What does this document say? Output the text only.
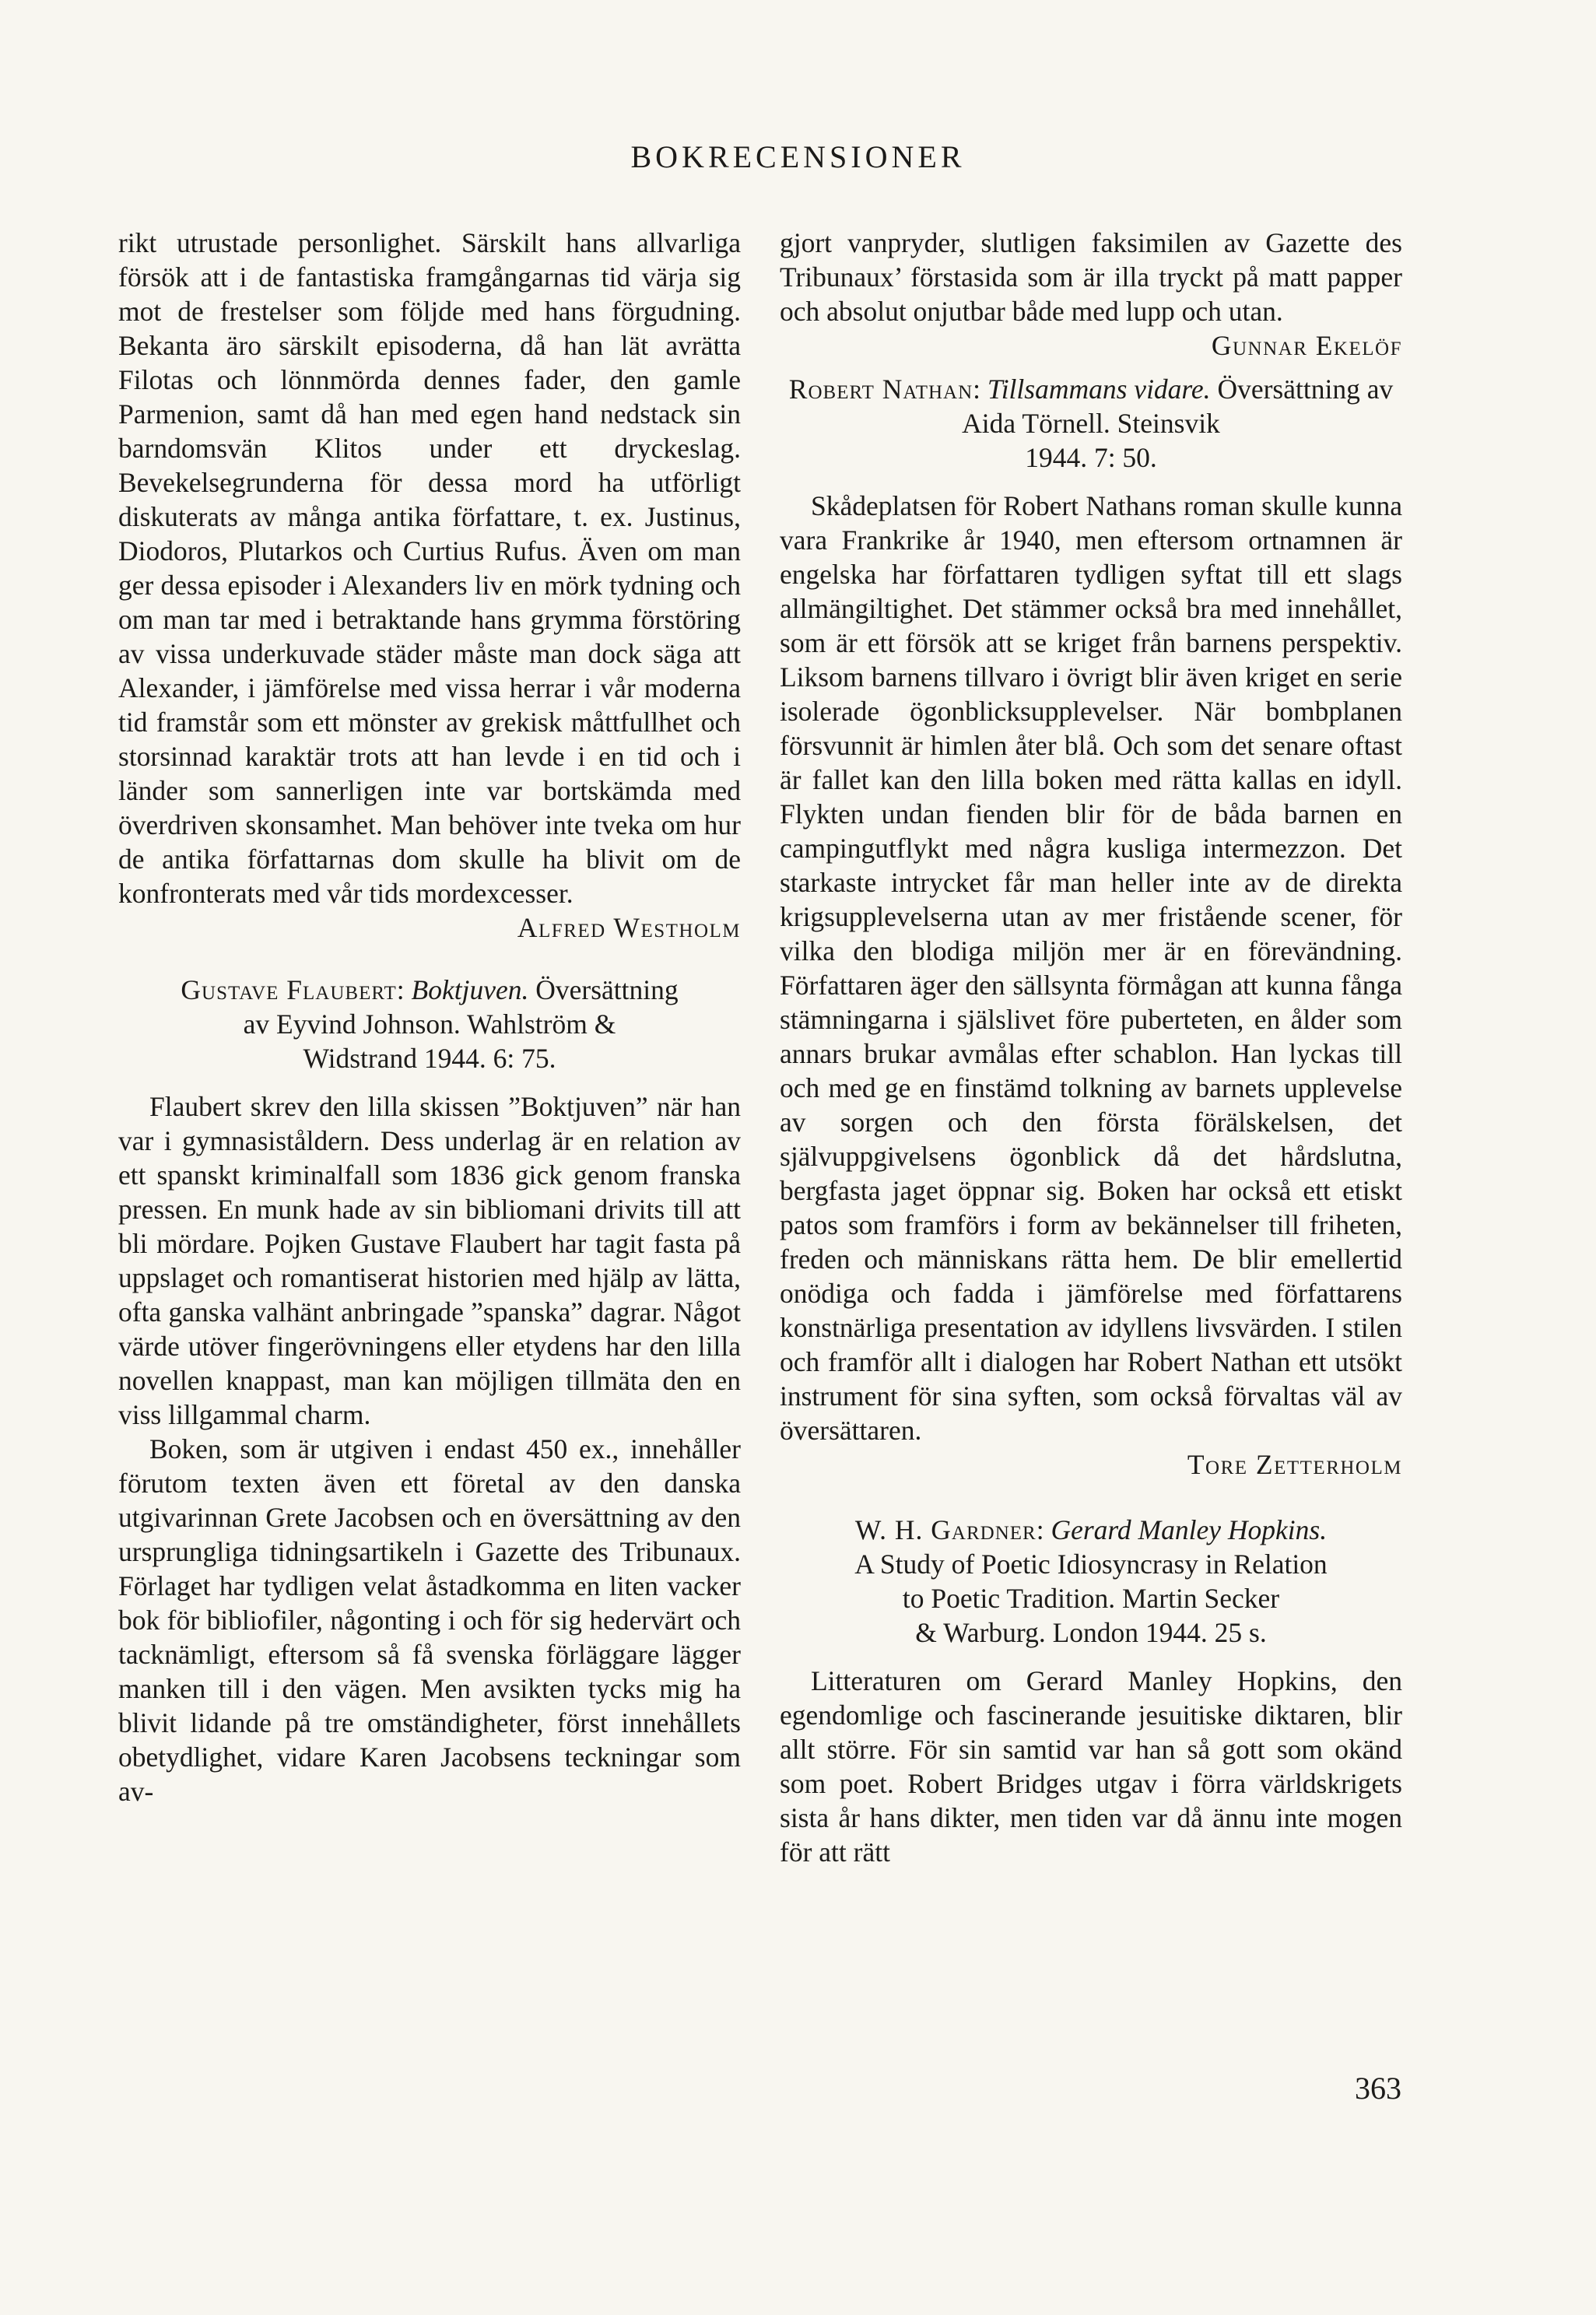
BOKRECENSIONER

rikt utrustade personlighet. Särskilt hans allvarliga försök att i de fantastiska framgångarnas tid värja sig mot de frestelser som följde med hans förgudning. Bekanta äro särskilt episoderna, då han lät avrätta Filotas och lönnmörda dennes fader, den gamle Parmenion, samt då han med egen hand nedstack sin barndomsvän Klitos under ett dryckeslag. Bevekelsegrunderna för dessa mord ha utförligt diskuterats av många antika författare, t. ex. Justinus, Diodoros, Plutarkos och Curtius Rufus. Även om man ger dessa episoder i Alexanders liv en mörk tydning och om man tar med i betraktande hans grymma förstöring av vissa underkuvade städer måste man dock säga att Alexander, i jämförelse med vissa herrar i vår moderna tid framstår som ett mönster av grekisk måttfullhet och storsinnad karaktär trots att han levde i en tid och i länder som sannerligen inte var bortskämda med överdriven skonsamhet. Man behöver inte tveka om hur de antika författarnas dom skulle ha blivit om de konfronterats med vår tids mordexcesser.

Alfred Westholm

Gustave Flaubert: Boktjuven. Översättning
av Eyvind Johnson. Wahlström &
Widstrand 1944. 6: 75.

Flaubert skrev den lilla skissen ”Boktjuven” när han var i gymnasiståldern. Dess underlag är en relation av ett spanskt kriminalfall som 1836 gick genom franska pressen. En munk hade av sin bibliomani drivits till att bli mördare. Pojken Gustave Flaubert har tagit fasta på uppslaget och romantiserat historien med hjälp av lätta, ofta ganska valhänt anbringade ”spanska” dagrar. Något värde utöver fingerövningens eller etydens har den lilla novellen knappast, man kan möjligen tillmäta den en viss lillgammal charm.

Boken, som är utgiven i endast 450 ex., innehåller förutom texten även ett företal av den danska utgivarinnan Grete Jacobsen och en översättning av den ursprungliga tidningsartikeln i Gazette des Tribunaux. Förlaget har tydligen velat åstadkomma en liten vacker bok för bibliofiler, någonting i och för sig hedervärt och tacknämligt, eftersom så få svenska förläggare lägger manken till i den vägen. Men avsikten tycks mig ha blivit lidande på tre omständigheter, först innehållets obetydlighet, vidare Karen Jacobsens teckningar som av-

gjort vanpryder, slutligen faksimilen av Gazette des Tribunaux’ förstasida som är illa tryckt på matt papper och absolut onjutbar både med lupp och utan.
Gunnar Ekelöf

Robert Nathan: Tillsammans vidare. Översättning av Aida Törnell. Steinsvik
1944. 7: 50.

Skådeplatsen för Robert Nathans roman skulle kunna vara Frankrike år 1940, men eftersom ortnamnen är engelska har författaren tydligen syftat till ett slags allmängiltighet. Det stämmer också bra med innehållet, som är ett försök att se kriget från barnens perspektiv. Liksom barnens tillvaro i övrigt blir även kriget en serie isolerade ögonblicksupplevelser. När bombplanen försvunnit är himlen åter blå. Och som det senare oftast är fallet kan den lilla boken med rätta kallas en idyll. Flykten undan fienden blir för de båda barnen en campingutflykt med några kusliga intermezzon. Det starkaste intrycket får man heller inte av de direkta krigsupplevelserna utan av mer fristående scener, för vilka den blodiga miljön mer är en förevändning. Författaren äger den sällsynta förmågan att kunna fånga stämningarna i själslivet före puberteten, en ålder som annars brukar avmålas efter schablon. Han lyckas till och med ge en finstämd tolkning av barnets upplevelse av sorgen och den första förälskelsen, det självuppgivelsens ögonblick då det hårdslutna, bergfasta jaget öppnar sig. Boken har också ett etiskt patos som framförs i form av bekännelser till friheten, freden och människans rätta hem. De blir emellertid onödiga och fadda i jämförelse med författarens konstnärliga presentation av idyllens livsvärden. I stilen och framför allt i dialogen har Robert Nathan ett utsökt instrument för sina syften, som också förvaltas väl av översättaren.

Tore Zetterholm

W. H. Gardner: Gerard Manley Hopkins.
A Study of Poetic Idiosyncrasy in Relation
to Poetic Tradition. Martin Secker
& Warburg. London 1944. 25 s.

Litteraturen om Gerard Manley Hopkins, den egendomlige och fascinerande jesuitiske diktaren, blir allt större. För sin samtid var han så gott som okänd som poet. Robert Bridges utgav i förra världskrigets sista år hans dikter, men tiden var då ännu inte mogen för att rätt

363
